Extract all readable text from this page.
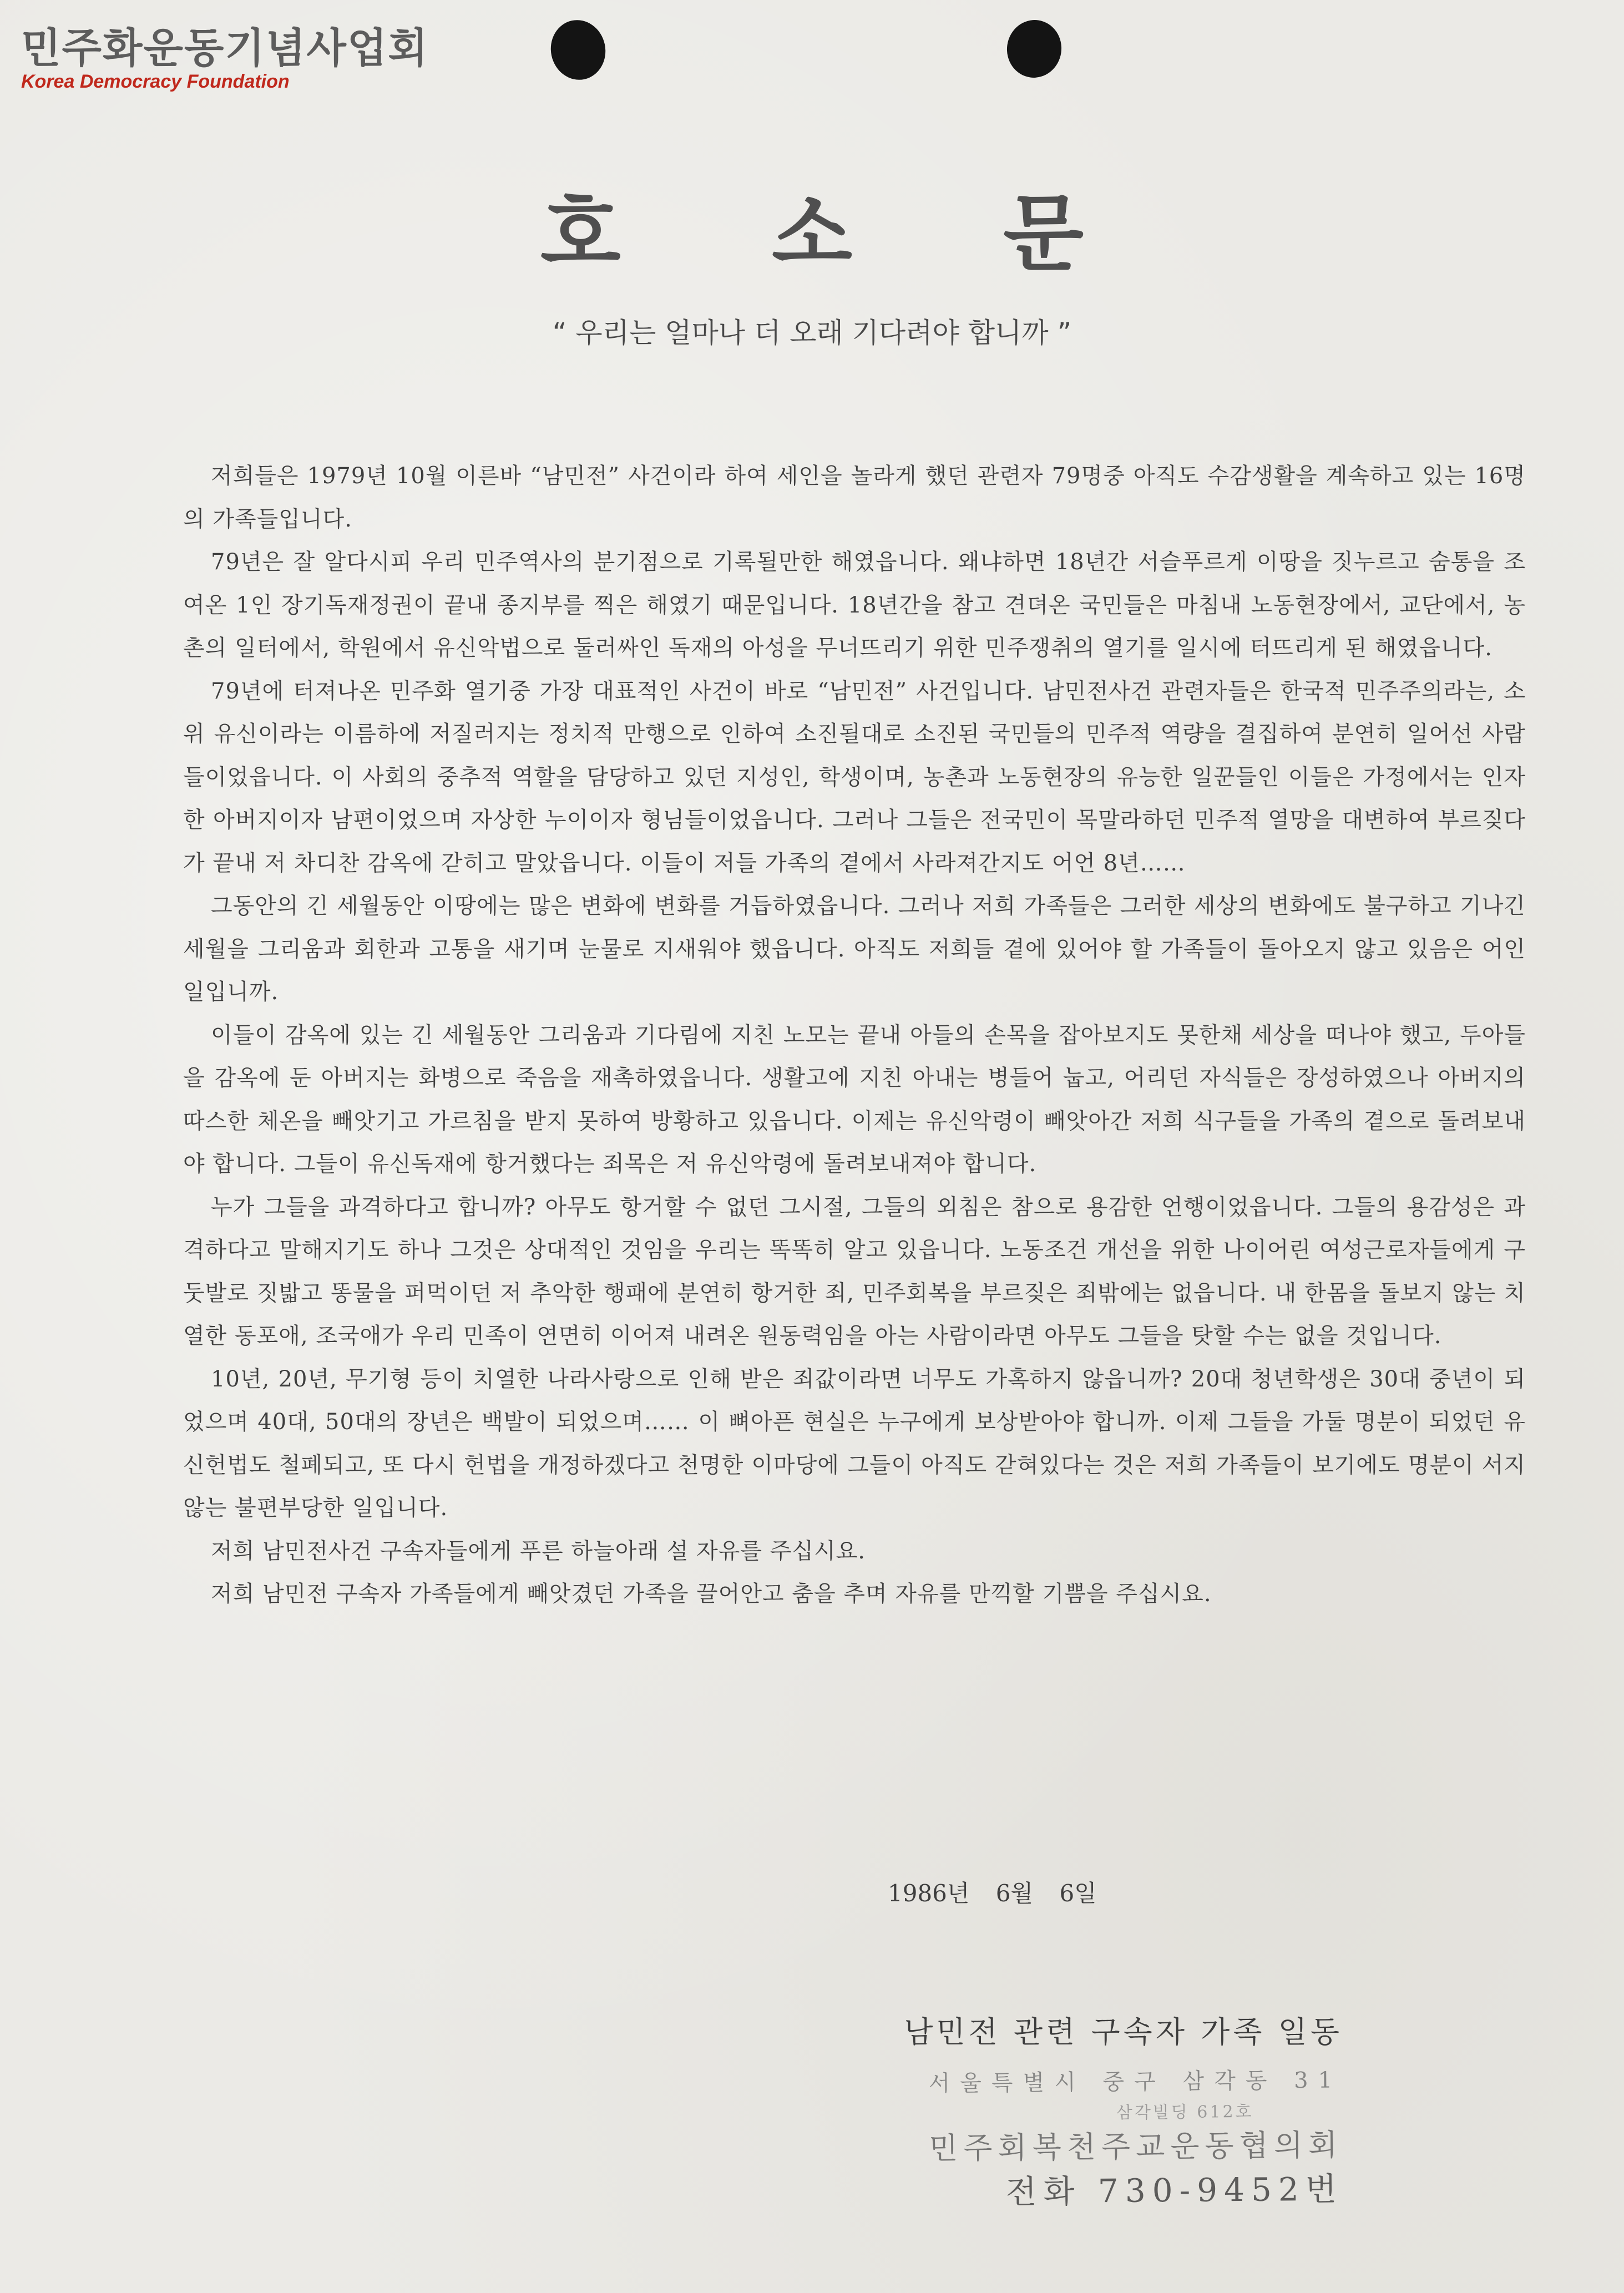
민주화운동기념사업회
Korea Democracy Foundation
호 소 문
“ 우리는 얼마나 더 오래 기다려야 합니까 ”

저희들은 1979년 10월 이른바 “남민전” 사건이라 하여 세인을 놀라게 했던 관련자 79명중 아직도 수감생활을 계속하고 있는 16명의 가족들입니다.

79년은 잘 알다시피 우리 민주역사의 분기점으로 기록될만한 해였읍니다. 왜냐하면 18년간 서슬푸르게 이땅을 짓누르고 숨통을 조여온 1인 장기독재정권이 끝내 종지부를 찍은 해였기 때문입니다. 18년간을 참고 견뎌온 국민들은 마침내 노동현장에서, 교단에서, 농촌의 일터에서, 학원에서 유신악법으로 둘러싸인 독재의 아성을 무너뜨리기 위한 민주쟁취의 열기를 일시에 터뜨리게 된 해였읍니다.

79년에 터져나온 민주화 열기중 가장 대표적인 사건이 바로 “남민전” 사건입니다. 남민전사건 관련자들은 한국적 민주주의라는, 소위 유신이라는 이름하에 저질러지는 정치적 만행으로 인하여 소진될대로 소진된 국민들의 민주적 역량을 결집하여 분연히 일어선 사람들이었읍니다. 이 사회의 중추적 역할을 담당하고 있던 지성인, 학생이며, 농촌과 노동현장의 유능한 일꾼들인 이들은 가정에서는 인자한 아버지이자 남편이었으며 자상한 누이이자 형님들이었읍니다. 그러나 그들은 전국민이 목말라하던 민주적 열망을 대변하여 부르짖다가 끝내 저 차디찬 감옥에 갇히고 말았읍니다. 이들이 저들 가족의 곁에서 사라져간지도 어언 8년……

그동안의 긴 세월동안 이땅에는 많은 변화에 변화를 거듭하였읍니다. 그러나 저희 가족들은 그러한 세상의 변화에도 불구하고 기나긴 세월을 그리움과 회한과 고통을 새기며 눈물로 지새워야 했읍니다. 아직도 저희들 곁에 있어야 할 가족들이 돌아오지 않고 있음은 어인일입니까.

이들이 감옥에 있는 긴 세월동안 그리움과 기다림에 지친 노모는 끝내 아들의 손목을 잡아보지도 못한채 세상을 떠나야 했고, 두아들을 감옥에 둔 아버지는 화병으로 죽음을 재촉하였읍니다. 생활고에 지친 아내는 병들어 눕고, 어리던 자식들은 장성하였으나 아버지의 따스한 체온을 빼앗기고 가르침을 받지 못하여 방황하고 있읍니다. 이제는 유신악령이 빼앗아간 저희 식구들을 가족의 곁으로 돌려보내야 합니다. 그들이 유신독재에 항거했다는 죄목은 저 유신악령에 돌려보내져야 합니다.

누가 그들을 과격하다고 합니까? 아무도 항거할 수 없던 그시절, 그들의 외침은 참으로 용감한 언행이었읍니다. 그들의 용감성은 과격하다고 말해지기도 하나 그것은 상대적인 것임을 우리는 똑똑히 알고 있읍니다. 노동조건 개선을 위한 나이어린 여성근로자들에게 구둣발로 짓밟고 똥물을 퍼먹이던 저 추악한 행패에 분연히 항거한 죄, 민주회복을 부르짖은 죄밖에는 없읍니다. 내 한몸을 돌보지 않는 치열한 동포애, 조국애가 우리 민족이 연면히 이어져 내려온 원동력임을 아는 사람이라면 아무도 그들을 탓할 수는 없을 것입니다.

10년, 20년, 무기형 등이 치열한 나라사랑으로 인해 받은 죄값이라면 너무도 가혹하지 않읍니까? 20대 청년학생은 30대 중년이 되었으며 40대, 50대의 장년은 백발이 되었으며…… 이 뼈아픈 현실은 누구에게 보상받아야 합니까. 이제 그들을 가둘 명분이 되었던 유신헌법도 철폐되고, 또 다시 헌법을 개정하겠다고 천명한 이마당에 그들이 아직도 갇혀있다는 것은 저희 가족들이 보기에도 명분이 서지않는 불편부당한 일입니다.

저희 남민전사건 구속자들에게 푸른 하늘아래 설 자유를 주십시요.

저희 남민전 구속자 가족들에게 빼앗겼던 가족을 끌어안고 춤을 추며 자유를 만끽할 기쁨을 주십시요.

1986년 6월 6일
남민전 관련 구속자 가족 일동
서울특별시 중구 삼각동 31
삼각빌딩 612호
민주회복천주교운동협의회
전화 730-9452번
